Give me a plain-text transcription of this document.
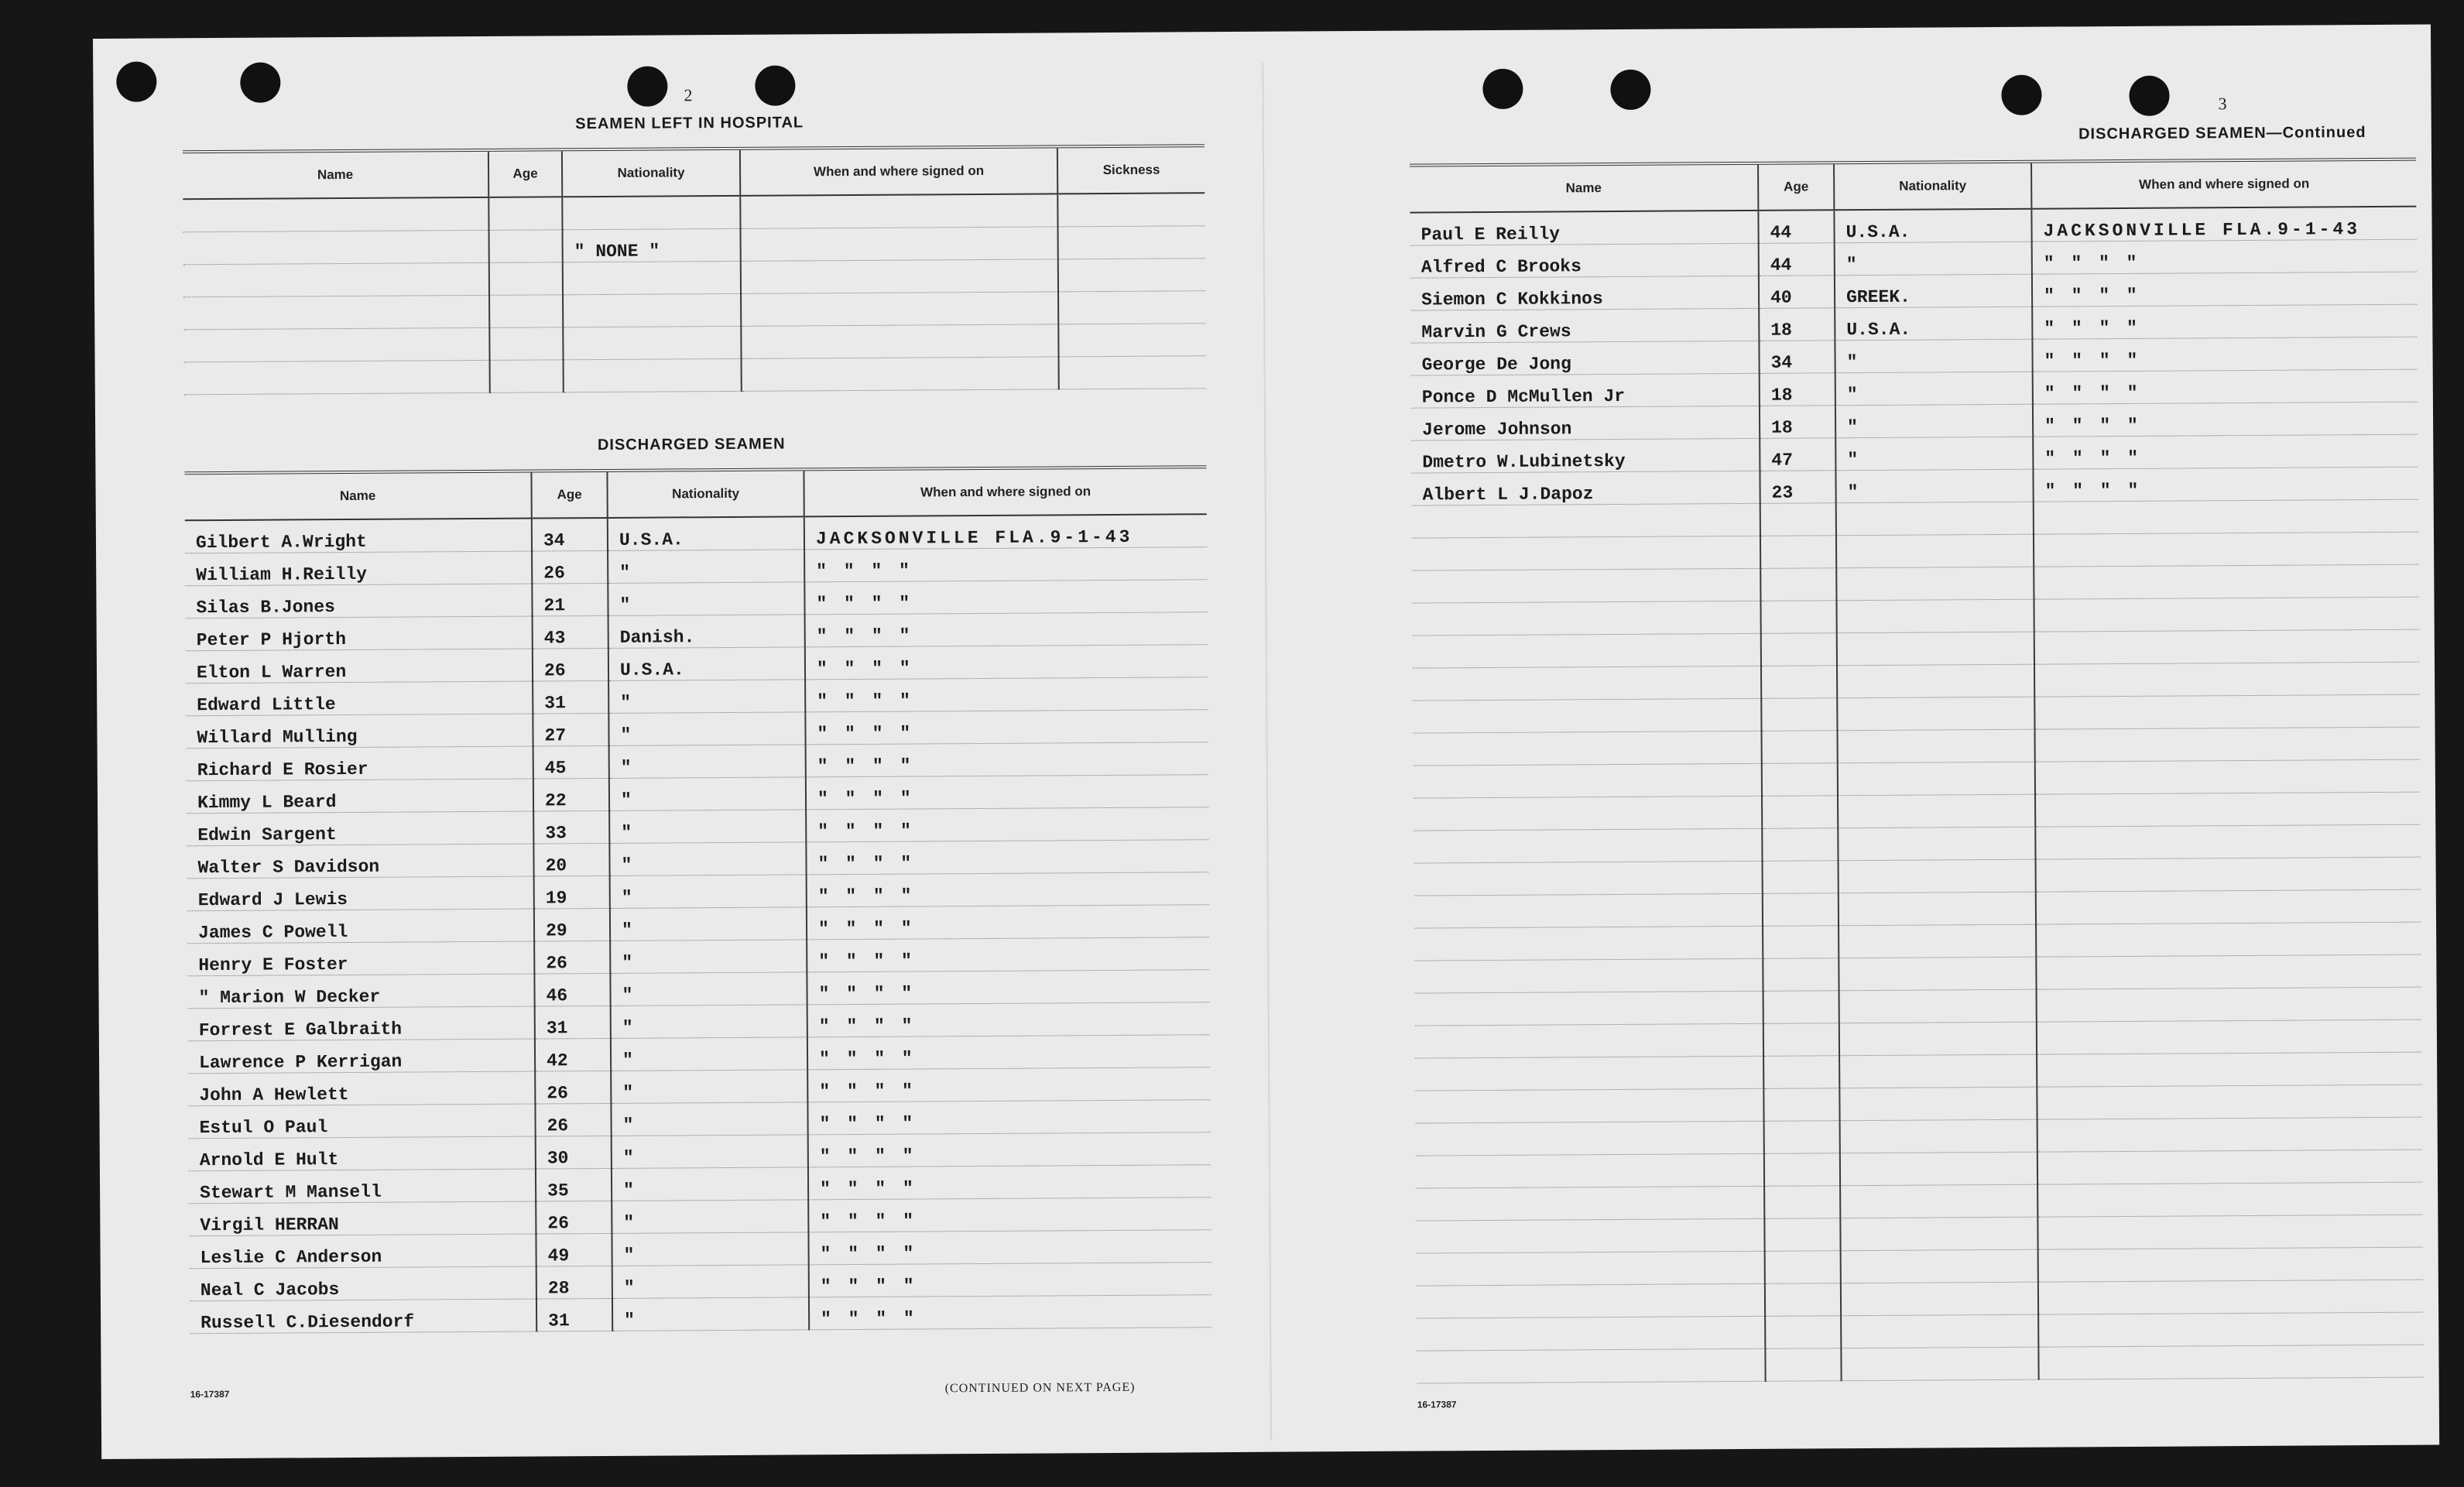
2
SEAMEN LEFT IN HOSPITAL
Name	Age	Nationality	When and where signed on	Sickness

		" NONE "		

DISCHARGED SEAMEN
Name	Age	Nationality	When and where signed on
Gilbert A.Wright	34	U.S.A.	JACKSONVILLE FLA.9-1-43
William H.Reilly	26	"	" " " "
Silas B.Jones	21	"	" " " "
Peter P Hjorth	43	Danish.	" " " "
Elton L Warren	26	U.S.A.	" " " "
Edward Little	31	"	" " " "
Willard Mulling	27	"	" " " "
Richard E Rosier	45	"	" " " "
Kimmy L Beard	22	"	" " " "
Edwin Sargent	33	"	" " " "
Walter S Davidson	20	"	" " " "
Edward J Lewis	19	"	" " " "
James C Powell	29	"	" " " "
Henry E Foster	26	"	" " " "
" Marion W Decker	46	"	" " " "
Forrest E Galbraith	31	"	" " " "
Lawrence P Kerrigan	42	"	" " " "
John A Hewlett	26	"	" " " "
Estul O Paul	26	"	" " " "
Arnold E Hult	30	"	" " " "
Stewart M Mansell	35	"	" " " "
Virgil HERRAN	26	"	" " " "
Leslie C Anderson	49	"	" " " "
Neal C Jacobs	28	"	" " " "
Russell C.Diesendorf	31	"	" " " "
16-17387	(CONTINUED ON NEXT PAGE)
3
DISCHARGED SEAMEN—Continued
Name	Age	Nationality	When and where signed on
Paul E Reilly	44	U.S.A.	JACKSONVILLE FLA.9-1-43
Alfred C Brooks	44	"	" " " "
Siemon C Kokkinos	40	GREEK.	" " " "
Marvin G Crews	18	U.S.A.	" " " "
George De Jong	34	"	" " " "
Ponce D McMullen Jr	18	"	" " " "
Jerome Johnson	18	"	" " " "
Dmetro W.Lubinetsky	47	"	" " " "
Albert L J.Dapoz	23	"	" " " "

16-17387
